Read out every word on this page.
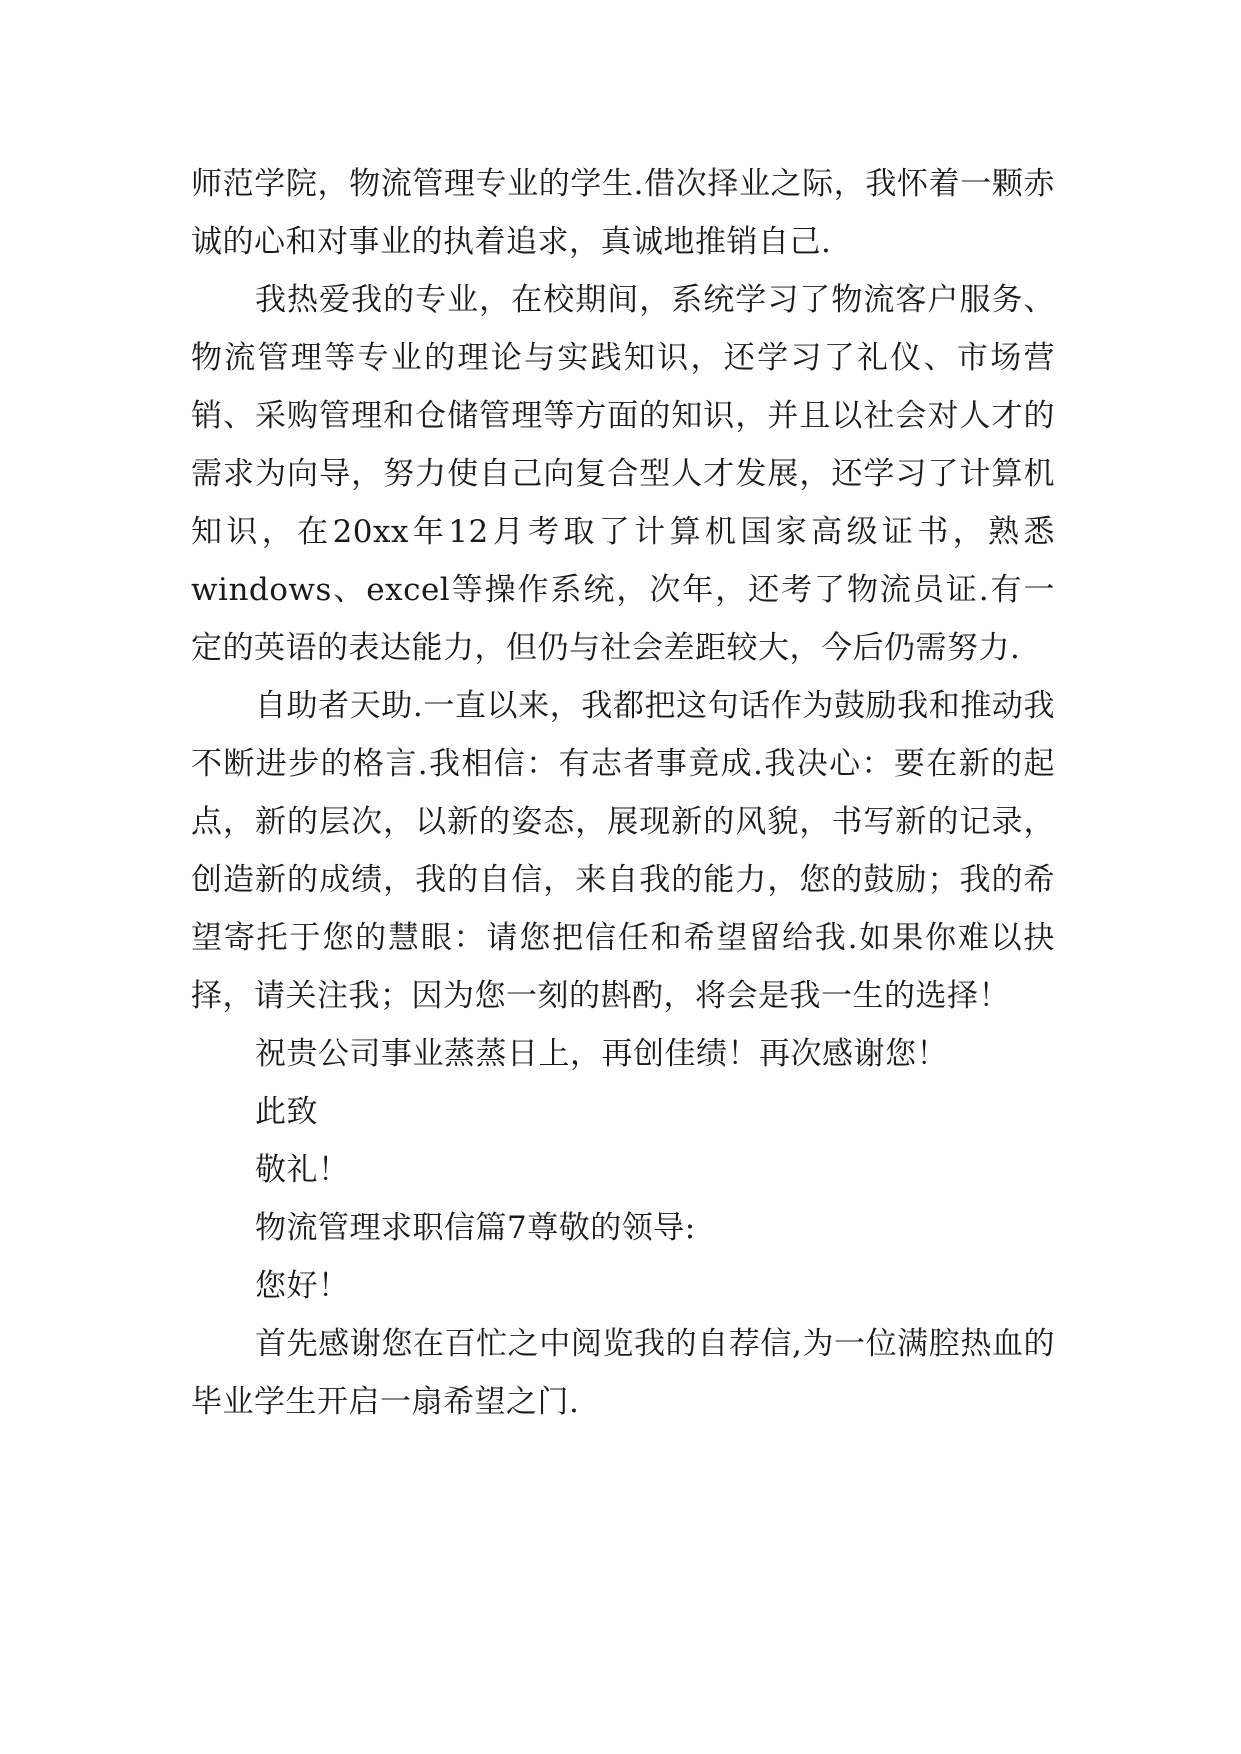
师范学院，物流管理专业的学生.借次择业之际，我怀着一颗赤诚的心和对事业的执着追求，真诚地推销自己.

我热爱我的专业，在校期间，系统学习了物流客户服务、物流管理等专业的理论与实践知识，还学习了礼仪、市场营销、采购管理和仓储管理等方面的知识，并且以社会对人才的需求为向导，努力使自己向复合型人才发展，还学习了计算机知识，在20xx年12月考取了计算机国家高级证书，熟悉windows、excel等操作系统，次年，还考了物流员证.有一定的英语的表达能力，但仍与社会差距较大，今后仍需努力.

自助者天助.一直以来，我都把这句话作为鼓励我和推动我不断进步的格言.我相信：有志者事竟成.我决心：要在新的起点，新的层次，以新的姿态，展现新的风貌，书写新的记录，创造新的成绩，我的自信，来自我的能力，您的鼓励；我的希望寄托于您的慧眼：请您把信任和希望留给我.如果你难以抉择，请关注我；因为您一刻的斟酌，将会是我一生的选择！

祝贵公司事业蒸蒸日上，再创佳绩！再次感谢您！

此致

敬礼！

物流管理求职信篇7尊敬的领导:

您好！

首先感谢您在百忙之中阅览我的自荐信,为一位满腔热血的毕业学生开启一扇希望之门.
